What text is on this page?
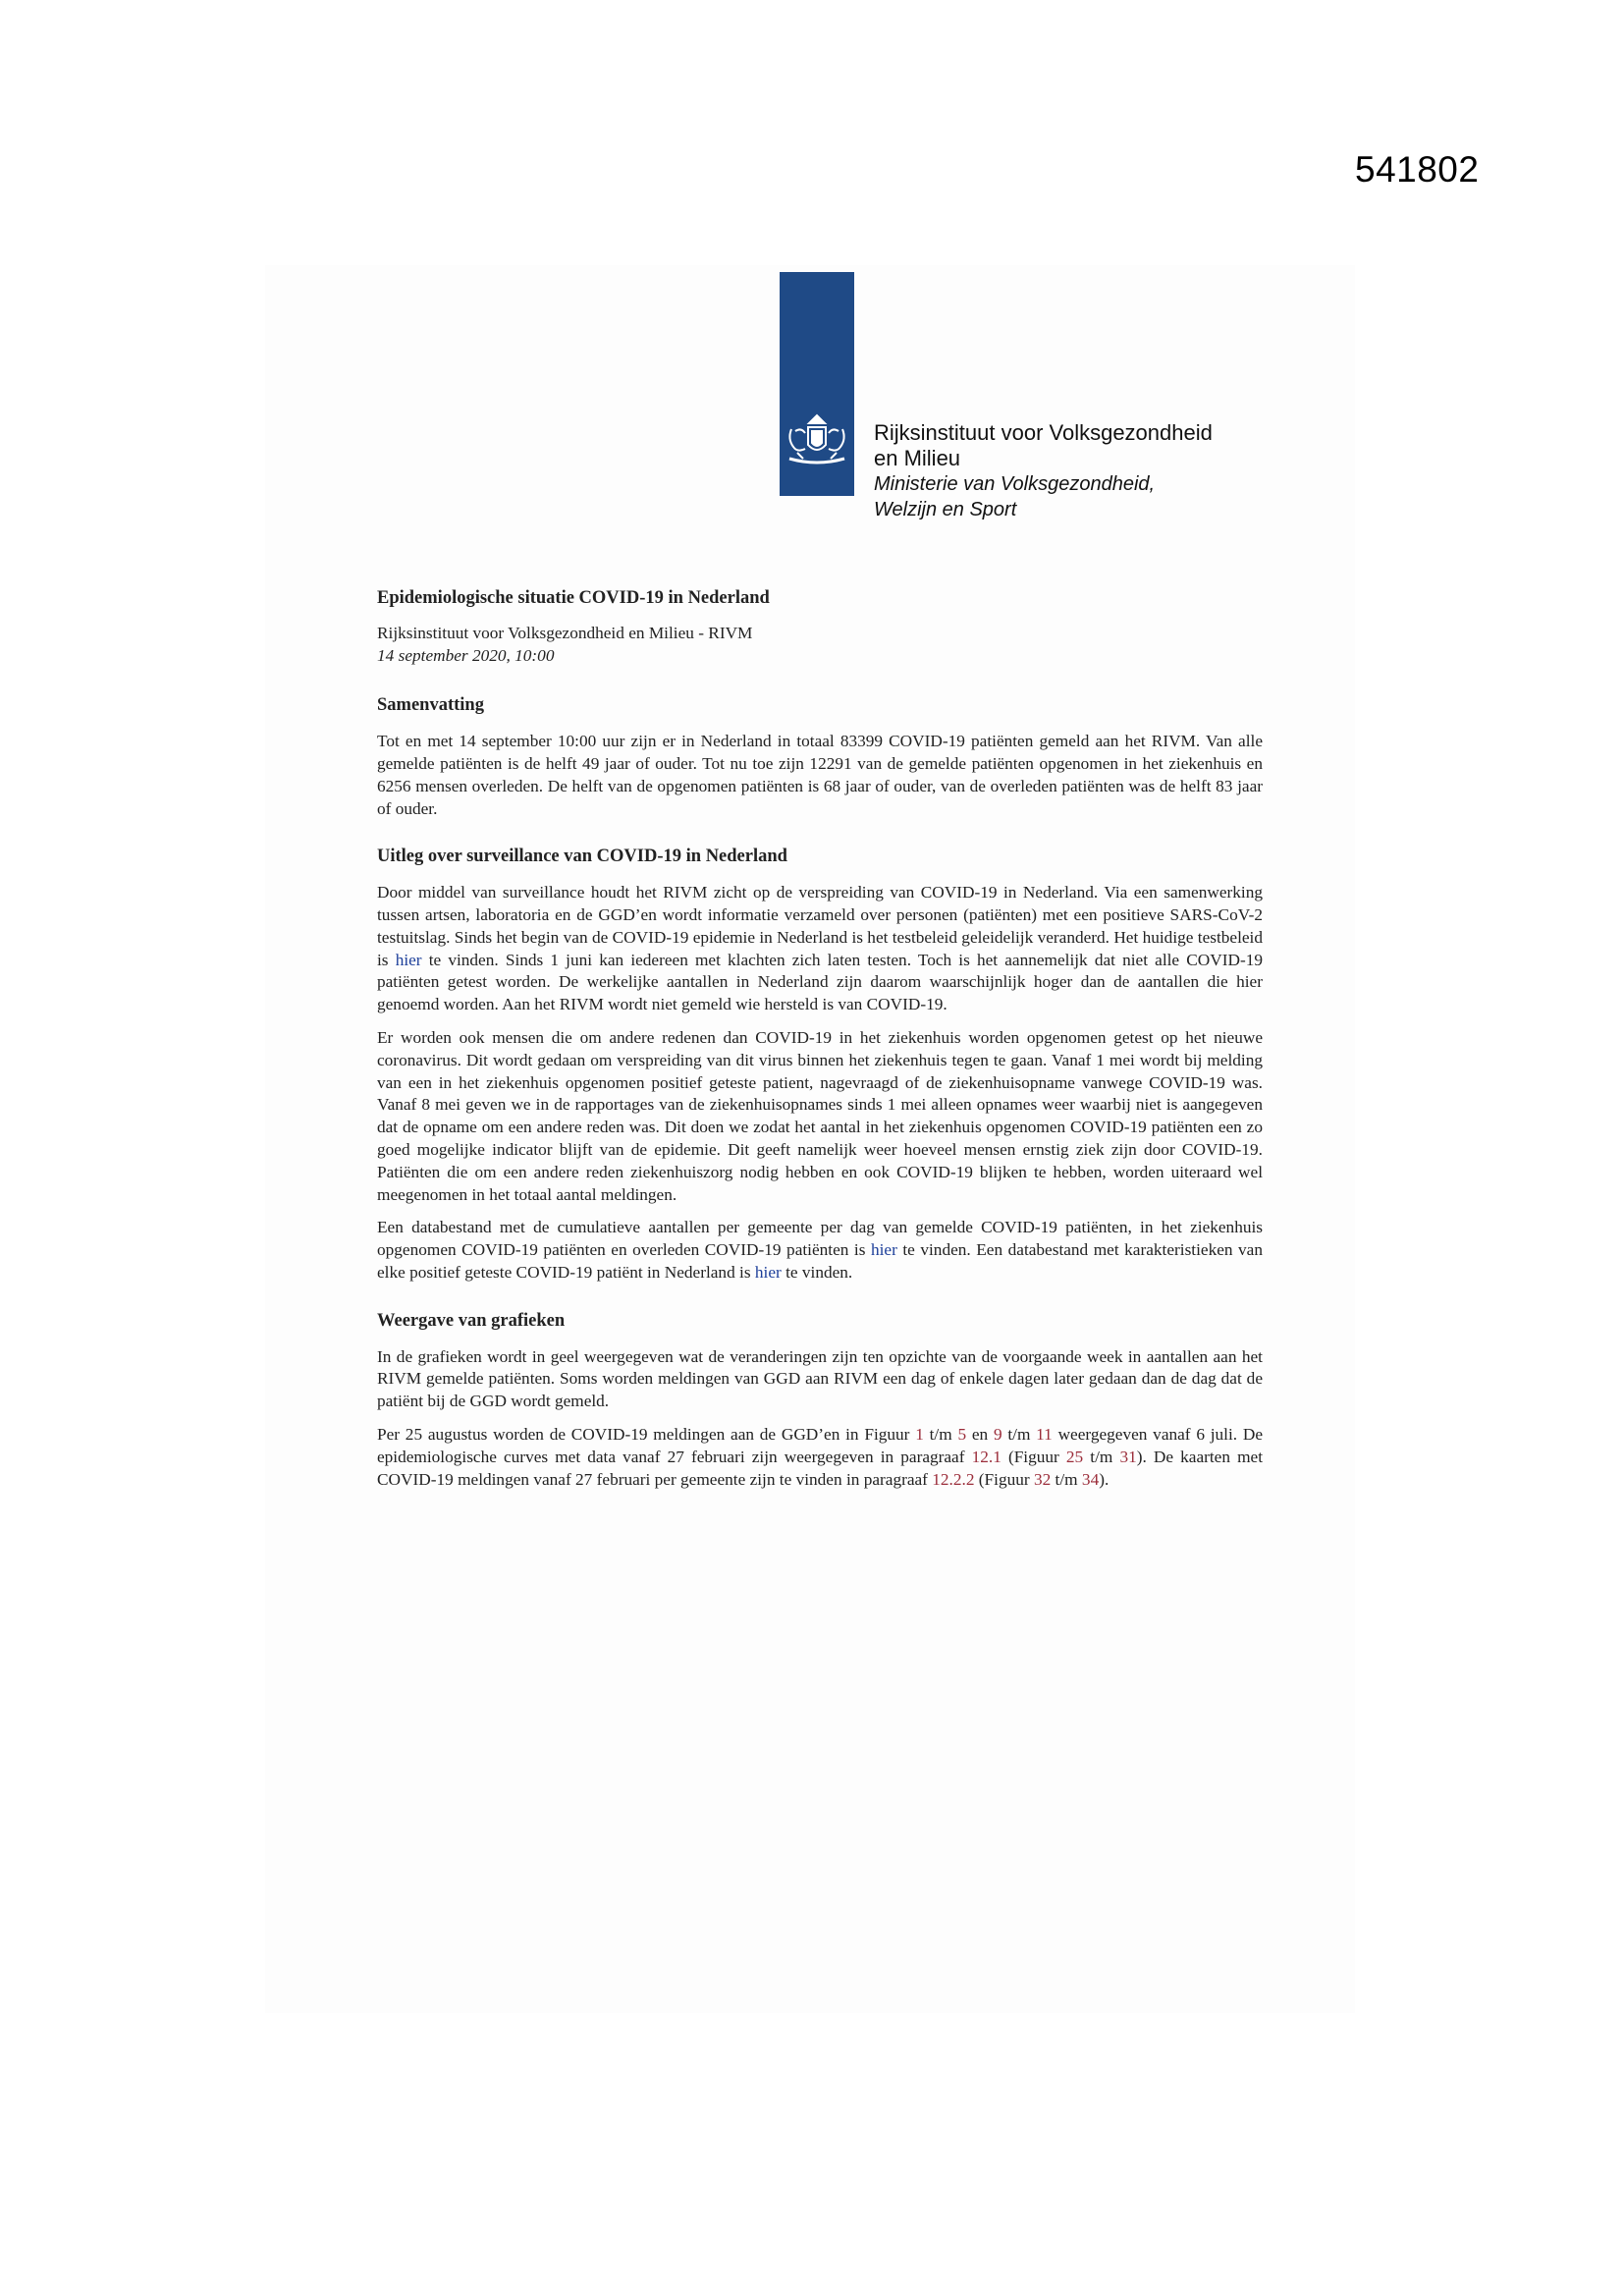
541802
Rijksinstituut voor Volksgezondheid
en Milieu
Ministerie van Volksgezondheid,
Welzijn en Sport

Epidemiologische situatie COVID-19 in Nederland

Rijksinstituut voor Volksgezondheid en Milieu - RIVM

14 september 2020, 10:00

Samenvatting

Tot en met 14 september 10:00 uur zijn er in Nederland in totaal 83399 COVID-19 patiënten gemeld aan het RIVM. Van alle gemelde patiënten is de helft 49 jaar of ouder. Tot nu toe zijn 12291 van de gemelde patiënten opgenomen in het ziekenhuis en 6256 mensen overleden. De helft van de opgenomen patiënten is 68 jaar of ouder, van de overleden patiënten was de helft 83 jaar of ouder.

Uitleg over surveillance van COVID-19 in Nederland

Door middel van surveillance houdt het RIVM zicht op de verspreiding van COVID-19 in Nederland. Via een samenwerking tussen artsen, laboratoria en de GGD’en wordt informatie verzameld over personen (patiënten) met een positieve SARS-CoV-2 testuitslag. Sinds het begin van de COVID-19 epidemie in Nederland is het testbeleid geleidelijk veranderd. Het huidige testbeleid is hier te vinden. Sinds 1 juni kan iedereen met klachten zich laten testen. Toch is het aannemelijk dat niet alle COVID-19 patiënten getest worden. De werkelijke aantallen in Nederland zijn daarom waarschijnlijk hoger dan de aantallen die hier genoemd worden. Aan het RIVM wordt niet gemeld wie hersteld is van COVID-19.

Er worden ook mensen die om andere redenen dan COVID-19 in het ziekenhuis worden opgenomen getest op het nieuwe coronavirus. Dit wordt gedaan om verspreiding van dit virus binnen het ziekenhuis tegen te gaan. Vanaf 1 mei wordt bij melding van een in het ziekenhuis opgenomen positief geteste patient, nagevraagd of de ziekenhuisopname vanwege COVID-19 was. Vanaf 8 mei geven we in de rapportages van de ziekenhuisopnames sinds 1 mei alleen opnames weer waarbij niet is aangegeven dat de opname om een andere reden was. Dit doen we zodat het aantal in het ziekenhuis opgenomen COVID-19 patiënten een zo goed mogelijke indicator blijft van de epidemie. Dit geeft namelijk weer hoeveel mensen ernstig ziek zijn door COVID-19. Patiënten die om een andere reden ziekenhuiszorg nodig hebben en ook COVID-19 blijken te hebben, worden uiteraard wel meegenomen in het totaal aantal meldingen.

Een databestand met de cumulatieve aantallen per gemeente per dag van gemelde COVID-19 patiënten, in het ziekenhuis opgenomen COVID-19 patiënten en overleden COVID-19 patiënten is hier te vinden. Een databestand met karakteristieken van elke positief geteste COVID-19 patiënt in Nederland is hier te vinden.

Weergave van grafieken

In de grafieken wordt in geel weergegeven wat de veranderingen zijn ten opzichte van de voorgaande week in aantallen aan het RIVM gemelde patiënten. Soms worden meldingen van GGD aan RIVM een dag of enkele dagen later gedaan dan de dag dat de patiënt bij de GGD wordt gemeld.

Per 25 augustus worden de COVID-19 meldingen aan de GGD’en in Figuur 1 t/m 5 en 9 t/m 11 weergegeven vanaf 6 juli. De epidemiologische curves met data vanaf 27 februari zijn weergegeven in paragraaf 12.1 (Figuur 25 t/m 31). De kaarten met COVID-19 meldingen vanaf 27 februari per gemeente zijn te vinden in paragraaf 12.2.2 (Figuur 32 t/m 34).
